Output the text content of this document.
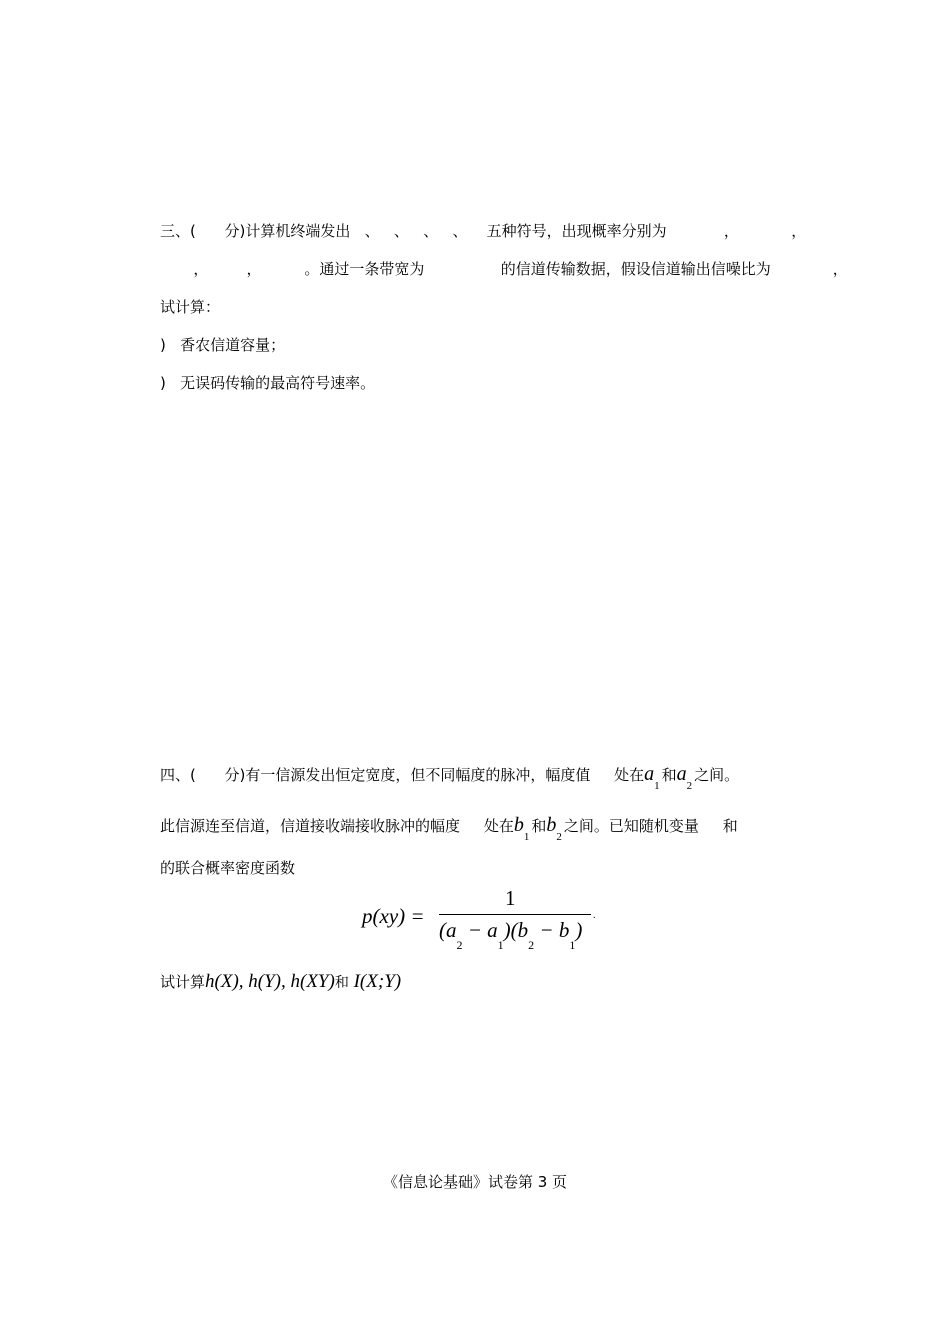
三、(      分)计算机终端发出   、   、   、   、    五种符号，出现概率分别为            ，           ，
，        ，         。通过一条带宽为                的信道传输数据，假设信道输出信噪比为             ，
试计算：
)   香农信道容量；
)   无误码传输的最高符号速率。
四、(      分)有一信源发出恒定宽度，但不同幅度的脉冲，幅度值     处在$a_1$和$a_2$之间。
此信源连至信道，信道接收端接收脉冲的幅度     处在$b_1$和$b_2$之间。已知随机变量     和
的联合概率密度函数
p(xy) =
1
$(a_2 - a_1)(b_2 - b_1)$
.
试计算h(X), h(Y), h(XY)和 I(X;Y)
《信息论基础》试卷第 3 页
